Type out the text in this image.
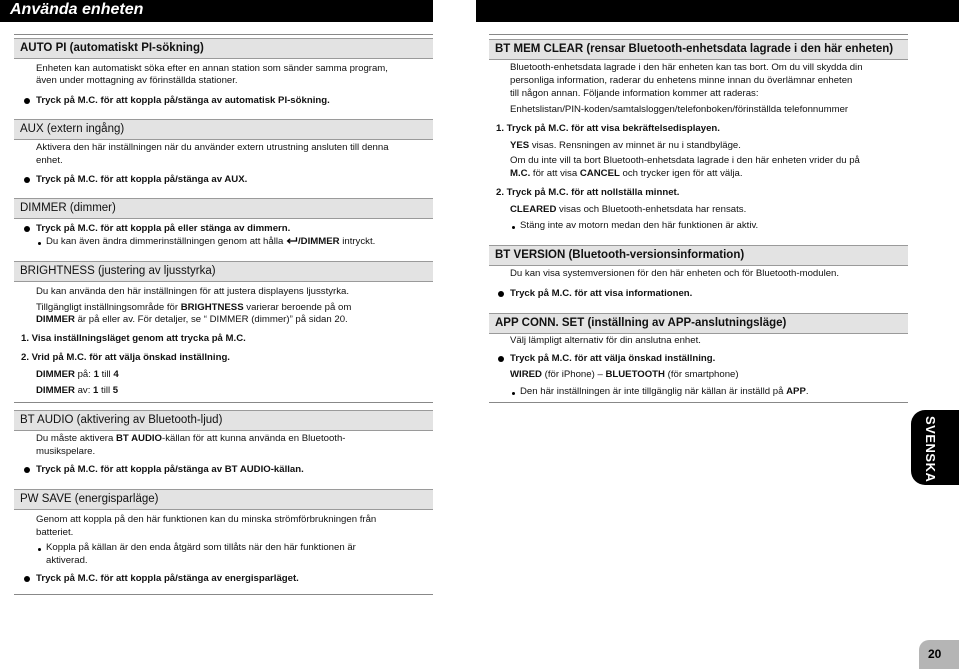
Använda enheten
AUTO PI (automatiskt PI-sökning)
Enheten kan automatiskt söka efter en annan station som sänder samma program,
även under mottagning av förinställda stationer.
Tryck på M.C. för att koppla på/stänga av automatisk PI-sökning.
AUX (extern ingång)
Aktivera den här inställningen när du använder extern utrustning ansluten till denna
enhet.
Tryck på M.C. för att koppla på/stänga av AUX.
DIMMER (dimmer)
Tryck på M.C. för att koppla på eller stänga av dimmern.
Du kan även ändra dimmerinställningen genom att hålla /DIMMER intryckt.
BRIGHTNESS (justering av ljusstyrka)
Du kan använda den här inställningen för att justera displayens ljusstyrka.
Tillgängligt inställningsområde för BRIGHTNESS varierar beroende på om
DIMMER är på eller av. För detaljer, se “ DIMMER (dimmer)” på sidan 20.
1. Visa inställningsläget genom att trycka på M.C.
2. Vrid på M.C. för att välja önskad inställning.
DIMMER på: 1 till 4
DIMMER av: 1 till 5
BT AUDIO (aktivering av Bluetooth-ljud)
Du måste aktivera BT AUDIO-källan för att kunna använda en Bluetooth-
musikspelare.
Tryck på M.C. för att koppla på/stänga av BT AUDIO-källan.
PW SAVE (energisparläge)
Genom att koppla på den här funktionen kan du minska strömförbrukningen från
batteriet.
Koppla på källan är den enda åtgärd som tillåts när den här funktionen är
aktiverad.
Tryck på M.C. för att koppla på/stänga av energisparläget.
BT MEM CLEAR (rensar Bluetooth-enhetsdata lagrade i den här enheten)
Bluetooth-enhetsdata lagrade i den här enheten kan tas bort. Om du vill skydda din
personliga information, raderar du enhetens minne innan du överlämnar enheten
till någon annan. Följande information kommer att raderas:
Enhetslistan/PIN-koden/samtalsloggen/telefonboken/förinställda telefonnummer
1. Tryck på M.C. för att visa bekräftelsedisplayen.
YES visas. Rensningen av minnet är nu i standbyläge.
Om du inte vill ta bort Bluetooth-enhetsdata lagrade i den här enheten vrider du på
M.C. för att visa CANCEL och trycker igen för att välja.
2. Tryck på M.C. för att nollställa minnet.
CLEARED visas och Bluetooth-enhetsdata har rensats.
Stäng inte av motorn medan den här funktionen är aktiv.
BT VERSION (Bluetooth-versionsinformation)
Du kan visa systemversionen för den här enheten och för Bluetooth-modulen.
Tryck på M.C. för att visa informationen.
APP CONN. SET (inställning av APP-anslutningsläge)
Välj lämpligt alternativ för din anslutna enhet.
Tryck på M.C. för att välja önskad inställning.
WIRED (för iPhone) – BLUETOOTH (för smartphone)
Den här inställningen är inte tillgänglig när källan är inställd på APP.
SVENSKA
20
